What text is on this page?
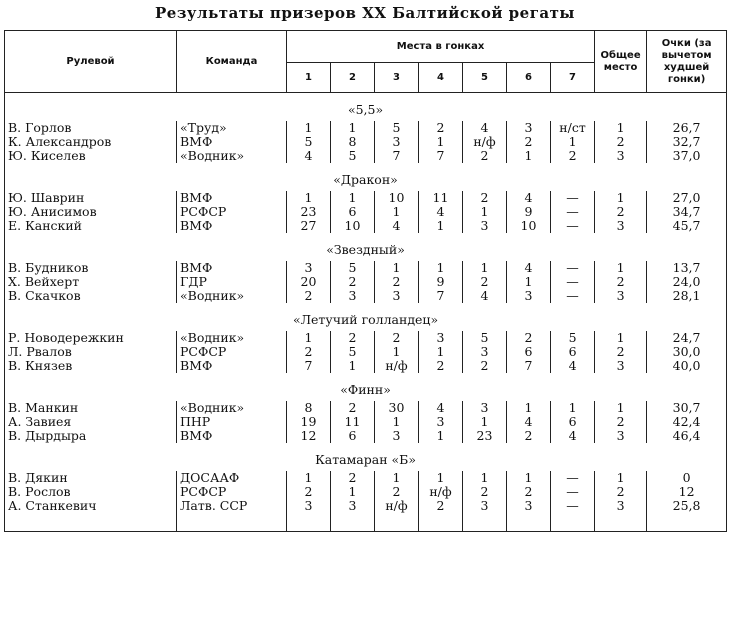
Результаты призеров XX Балтийской регаты
Рулевой	Команда	Места в гонках							Общее место	Очки (за вычетом худшей гонки)
		1	2	3	4	5	6	7		
«5,5»										
В. Горлов	«Труд»	1	1	5	2	4	3	н/ст	1	26,7
К. Александров	ВМФ	5	8	3	1	н/ф	2	1	2	32,7
Ю. Киселев	«Водник»	4	5	7	7	2	1	2	3	37,0
«Дракон»										
Ю. Шаврин	ВМФ	1	1	10	11	2	4	—	1	27,0
Ю. Анисимов	РСФСР	23	6	1	4	1	9	—	2	34,7
Е. Канский	ВМФ	27	10	4	1	3	10	—	3	45,7
«Звездный»										
В. Будников	ВМФ	3	5	1	1	1	4	—	1	13,7
Х. Вейхерт	ГДР	20	2	2	9	2	1	—	2	24,0
В. Скачков	«Водник»	2	3	3	7	4	3	—	3	28,1
«Летучий голландец»										
Р. Новодережкин	«Водник»	1	2	2	3	5	2	5	1	24,7
Л. Рвалов	РСФСР	2	5	1	1	3	6	6	2	30,0
В. Князев	ВМФ	7	1	н/ф	2	2	7	4	3	40,0
«Финн»										
В. Манкин	«Водник»	8	2	30	4	3	1	1	1	30,7
А. Завиея	ПНР	19	11	1	3	1	4	6	2	42,4
В. Дырдыра	ВМФ	12	6	3	1	23	2	4	3	46,4
Катамаран «Б»										
В. Дякин	ДОСААФ	1	2	1	1	1	1	—	1	0
В. Рослов	РСФСР	2	1	2	н/ф	2	2	—	2	12
А. Станкевич	Латв. ССР	3	3	н/ф	2	3	3	—	3	25,8
